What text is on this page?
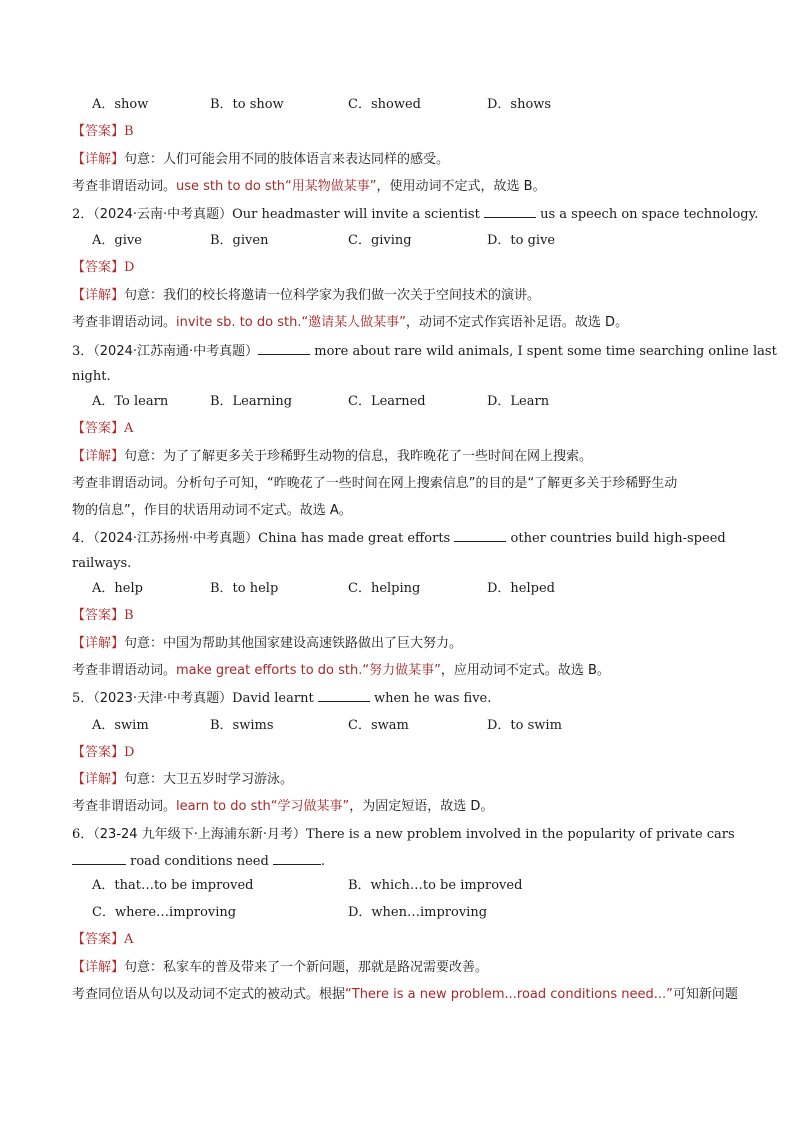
A．show	B．to show	C．showed	D．shows
【答案】B
【详解】句意：人们可能会用不同的肢体语言来表达同样的感受。
考查非谓语动词。use sth to do sth“用某物做某事”，使用动词不定式，故选 B。
2．（2024·云南·中考真题）Our headmaster will invite a scientist	us a speech on space technology.
A．give	B．given	C．giving	D．to give
【答案】D
【详解】句意：我们的校长将邀请一位科学家为我们做一次关于空间技术的演讲。
考查非谓语动词。invite sb. to do sth.“邀请某人做某事”，动词不定式作宾语补足语。故选 D。
3．（2024·江苏南通·中考真题）	more about rare wild animals, I spent some time searching online last
night.
A．To learn	B．Learning	C．Learned	D．Learn
【答案】A
【详解】句意：为了了解更多关于珍稀野生动物的信息，我昨晚花了一些时间在网上搜索。
考查非谓语动词。分析句子可知，“昨晚花了一些时间在网上搜索信息”的目的是“了解更多关于珍稀野生动
物的信息”，作目的状语用动词不定式。故选 A。
4．（2024·江苏扬州·中考真题）China has made great efforts	other countries build high-speed
railways.
A．help	B．to help	C．helping	D．helped
【答案】B
【详解】句意：中国为帮助其他国家建设高速铁路做出了巨大努力。
考查非谓语动词。make great efforts to do sth.“努力做某事”，应用动词不定式。故选 B。
5．（2023·天津·中考真题）David learnt	when he was five.
A．swim	B．swims	C．swam	D．to swim
【答案】D
【详解】句意：大卫五岁时学习游泳。
考查非谓语动词。learn to do sth“学习做某事”，为固定短语，故选 D。
6．（23-24 九年级下·上海浦东新·月考）There is a new problem involved in the popularity of private cars
road conditions need	.
A．that…to be improved	B．which…to be improved
C．where…improving	D．when…improving
【答案】A
【详解】句意：私家车的普及带来了一个新问题，那就是路况需要改善。
考查同位语从句以及动词不定式的被动式。根据“There is a new problem...road conditions need...”可知新问题
